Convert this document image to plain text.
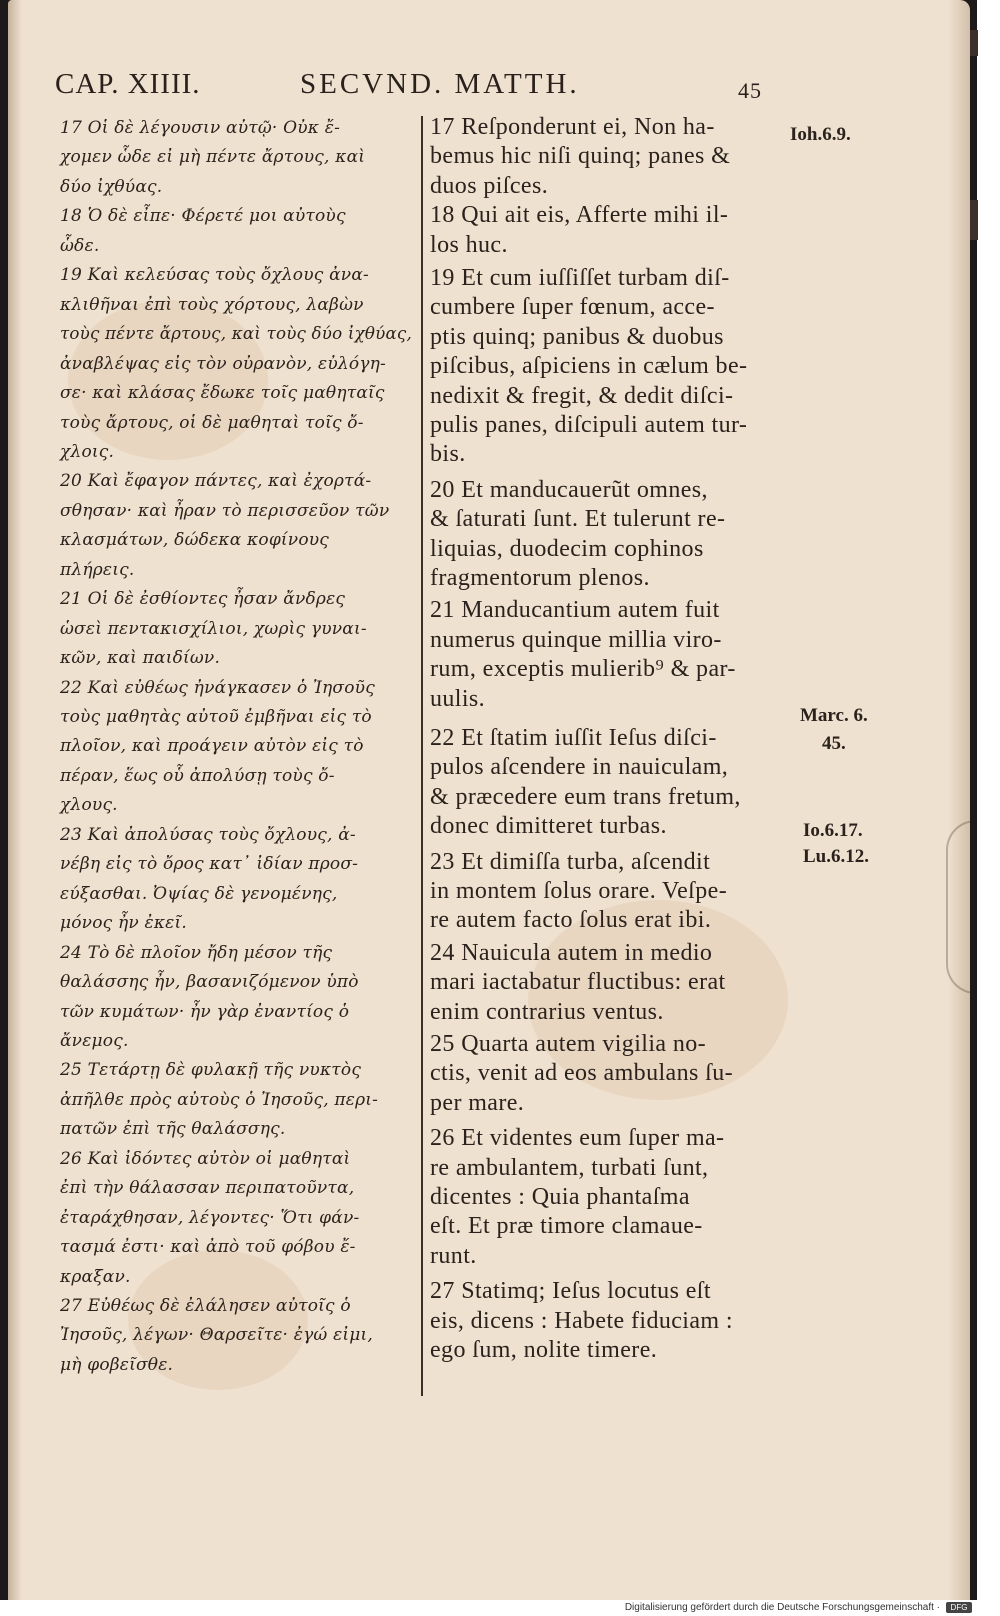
CAP. XIIII.	SECVND. MATTH.	45
17 Οἱ δὲ λέγουσιν αὐτῷ· Οὐκ ἔ-
χομεν ὧδε εἰ μὴ πέντε ἄρτους, καὶ
δύο ἰχθύας.
18 Ὁ δὲ εἶπε· Φέρετέ μοι αὐτοὺς
ὧδε.
19 Καὶ κελεύσας τοὺς ὄχλους ἀνα-
κλιθῆναι ἐπὶ τοὺς χόρτους, λαβὼν
τοὺς πέντε ἄρτους, καὶ τοὺς δύο ἰχθύας,
ἀναβλέψας εἰς τὸν οὐρανὸν, εὐλόγη-
σε· καὶ κλάσας ἔδωκε τοῖς μαθηταῖς
τοὺς ἄρτους, οἱ δὲ μαθηταὶ τοῖς ὄ-
χλοις.
20 Καὶ ἔφαγον πάντες, καὶ ἐχορτά-
σθησαν· καὶ ἦραν τὸ περισσεῦον τῶν
κλασμάτων, δώδεκα κοφίνους
πλήρεις.
21 Οἱ δὲ ἐσθίοντες ἦσαν ἄνδρες
ὡσεὶ πεντακισχίλιοι, χωρὶς γυναι-
κῶν, καὶ παιδίων.
22 Καὶ εὐθέως ἠνάγκασεν ὁ Ἰησοῦς
τοὺς μαθητὰς αὐτοῦ ἐμβῆναι εἰς τὸ
πλοῖον, καὶ προάγειν αὐτὸν εἰς τὸ
πέραν, ἕως οὗ ἀπολύσῃ τοὺς ὄ-
χλους.
23 Καὶ ἀπολύσας τοὺς ὄχλους, ἀ-
νέβη εἰς τὸ ὄρος κατ᾽ ἰδίαν προσ-
εύξασθαι. Ὀψίας δὲ γενομένης,
μόνος ἦν ἐκεῖ.
24 Τὸ δὲ πλοῖον ἤδη μέσον τῆς
θαλάσσης ἦν, βασανιζόμενον ὑπὸ
τῶν κυμάτων· ἦν γὰρ ἐναντίος ὁ
ἄνεμος.
25 Τετάρτῃ δὲ φυλακῇ τῆς νυκτὸς
ἀπῆλθε πρὸς αὐτοὺς ὁ Ἰησοῦς, περι-
πατῶν ἐπὶ τῆς θαλάσσης.
26 Καὶ ἰδόντες αὐτὸν οἱ μαθηταὶ
ἐπὶ τὴν θάλασσαν περιπατοῦντα,
ἐταράχθησαν, λέγοντες· Ὅτι φάν-
τασμά ἐστι· καὶ ἀπὸ τοῦ φόβου ἔ-
κραξαν.
27 Εὐθέως δὲ ἐλάλησεν αὐτοῖς ὁ
Ἰησοῦς, λέγων· Θαρσεῖτε· ἐγώ εἰμι,
μὴ φοβεῖσθε.
17 Reſponderunt ei, Non ha-
bemus hic niſi quinq; panes &
duos piſces.
18 Qui ait eis, Afferte mihi il-
los huc.
19 Et cum iuſſiſſet turbam diſ-
cumbere ſuper fœnum, acce-
ptis quinq; panibus & duobus
piſcibus, aſpiciens in cælum be-
nedixit & fregit, & dedit diſci-
pulis panes, diſcipuli autem tur-
bis.
20 Et manducauerũt omnes,
& ſaturati ſunt. Et tulerunt re-
liquias, duodecim cophinos
fragmentorum plenos.
21 Manducantium autem fuit
numerus quinque millia viro-
rum, exceptis mulierib⁹ & par-
uulis.
22 Et ſtatim iuſſit Ieſus diſci-
pulos aſcendere in nauiculam,
& præcedere eum trans fretum,
donec dimitteret turbas.
23 Et dimiſſa turba, aſcendit
in montem ſolus orare. Veſpe-
re autem facto ſolus erat ibi.
24 Nauicula autem in medio
mari iactabatur fluctibus: erat
enim contrarius ventus.
25 Quarta autem vigilia no-
ctis, venit ad eos ambulans ſu-
per mare.
26 Et videntes eum ſuper ma-
re ambulantem, turbati ſunt,
dicentes : Quia phantaſma
eſt. Et præ timore clamaue-
runt.
27 Statimq; Ieſus locutus eſt
eis, dicens : Habete fiduciam :
ego ſum, nolite timere.
Ioh.6.9.
Marc. 6.
45.
Io.6.17.
Lu.6.12.
Digitalisierung gefördert durch die Deutsche Forschungsgemeinschaft ·	DFG
